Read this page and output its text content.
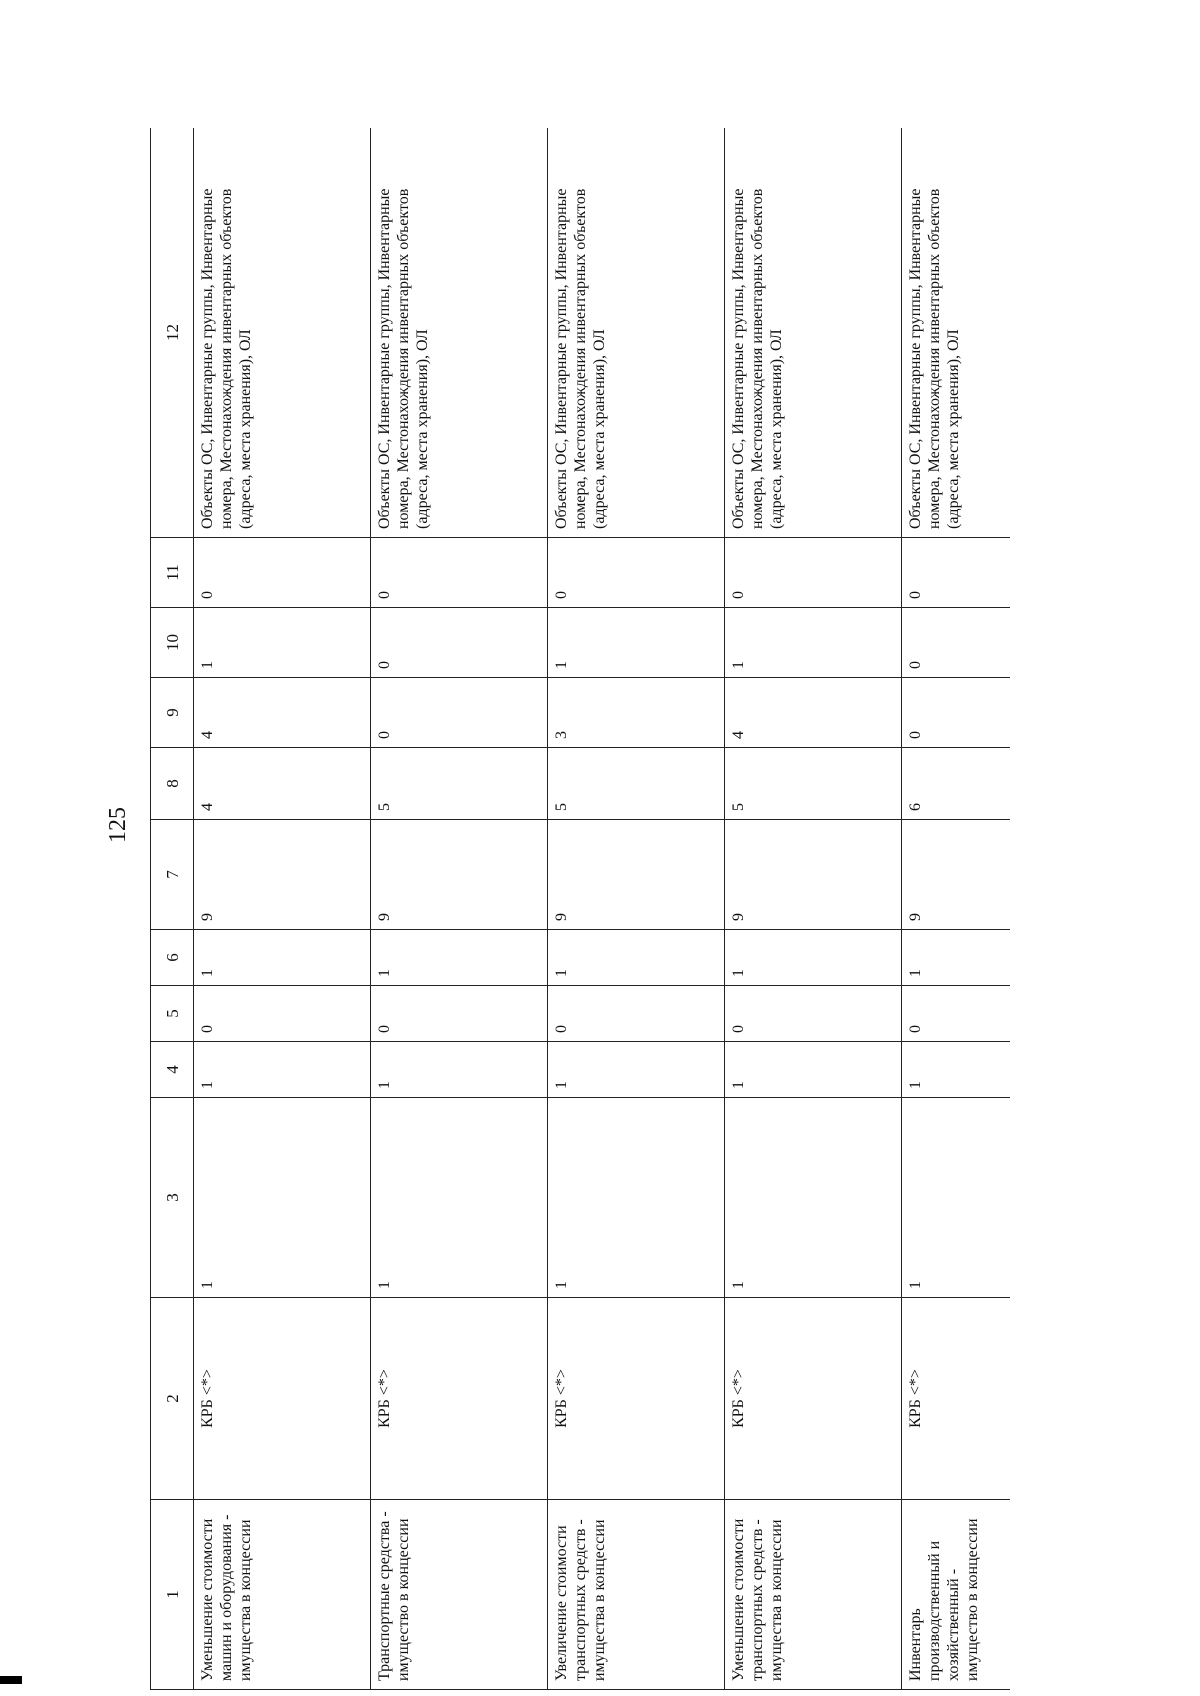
125
1	2	3	4	5	6	7	8	9	10	11	12
Уменьшение стоимости машин и оборудования - имущества в концессии	КРБ <*>	1	1	0	1	9	4	4	1	0	Объекты ОС, Инвентарные группы, Инвентарные номера, Местонахождения инвентарных объектов (адреса, места хранения), ОЛ
Транспортные средства - имущество в концессии	КРБ <*>	1	1	0	1	9	5	0	0	0	Объекты ОС, Инвентарные группы, Инвентарные номера, Местонахождения инвентарных объектов (адреса, места хранения), ОЛ
Увеличение стоимости транспортных средств - имущества в концессии	КРБ <*>	1	1	0	1	9	5	3	1	0	Объекты ОС, Инвентарные группы, Инвентарные номера, Местонахождения инвентарных объектов (адреса, места хранения), ОЛ
Уменьшение стоимости транспортных средств - имущества в концессии	КРБ <*>	1	1	0	1	9	5	4	1	0	Объекты ОС, Инвентарные группы, Инвентарные номера, Местонахождения инвентарных объектов (адреса, места хранения), ОЛ
Инвентарь производственный и хозяйственный - имущество в концессии	КРБ <*>	1	1	0	1	9	6	0	0	0	Объекты ОС, Инвентарные группы, Инвентарные номера, Местонахождения инвентарных объектов (адреса, места хранения), ОЛ
